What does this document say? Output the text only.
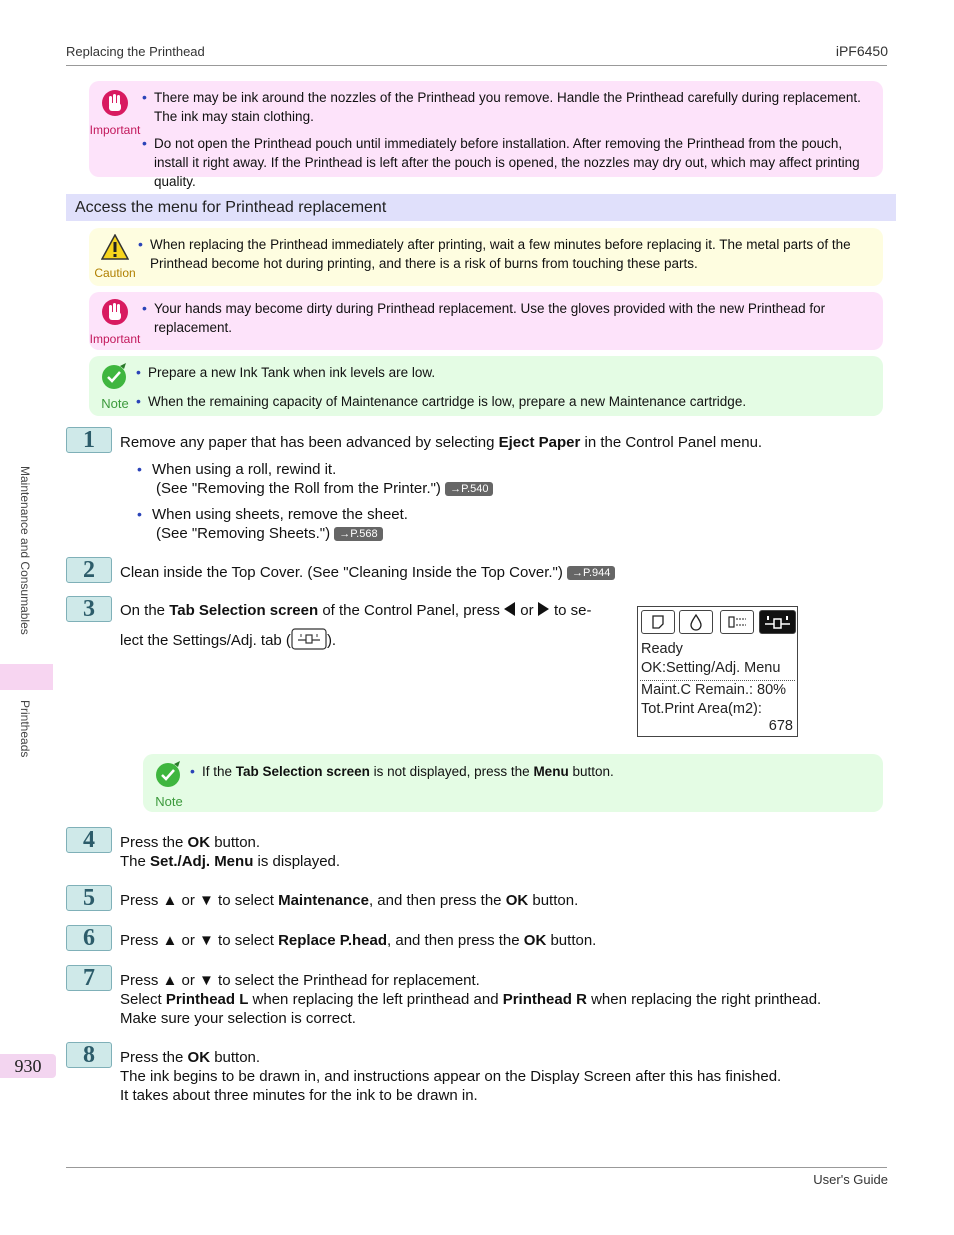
Replacing the Printhead	iPF6450
Maintenance and Consumables
Printheads
Important
• There may be ink around the nozzles of the Printhead you remove. Handle the Printhead carefully during replacement. The ink may stain clothing.
• Do not open the Printhead pouch until immediately before installation. After removing the Printhead from the pouch, install it right away. If the Printhead is left after the pouch is opened, the nozzles may dry out, which may affect printing quality.
Access the menu for Printhead replacement
Caution
• When replacing the Printhead immediately after printing, wait a few minutes before replacing it. The metal parts of the Printhead become hot during printing, and there is a risk of burns from touching these parts.
Important
• Your hands may become dirty during Printhead replacement. Use the gloves provided with the new Printhead for replacement.
Note
• Prepare a new Ink Tank when ink levels are low.
• When the remaining capacity of Maintenance cartridge is low, prepare a new Maintenance cartridge.
1	Remove any paper that has been advanced by selecting Eject Paper in the Control Panel menu.
• When using a roll, rewind it.
(See "Removing the Roll from the Printer.") →P.540
• When using sheets, remove the sheet.
(See "Removing Sheets.") →P.568
2	Clean inside the Top Cover. (See "Cleaning Inside the Top Cover.") →P.944
3	On the Tab Selection screen of the Control Panel, press or to se-
lect the Settings/Adj. tab ( ).	Ready
OK:Setting/Adj. Menu
Maint.C Remain.: 80%
Tot.Print Area(m2):
678
Note
• If the Tab Selection screen is not displayed, press the Menu button.
4	Press the OK button.
The Set./Adj. Menu is displayed.
5	Press ▲ or ▼ to select Maintenance, and then press the OK button.
6	Press ▲ or ▼ to select Replace P.head, and then press the OK button.
7	Press ▲ or ▼ to select the Printhead for replacement.
Select Printhead L when replacing the left printhead and Printhead R when replacing the right printhead.
Make sure your selection is correct.
930	8	Press the OK button.
The ink begins to be drawn in, and instructions appear on the Display Screen after this has finished.
It takes about three minutes for the ink to be drawn in.
User's Guide
